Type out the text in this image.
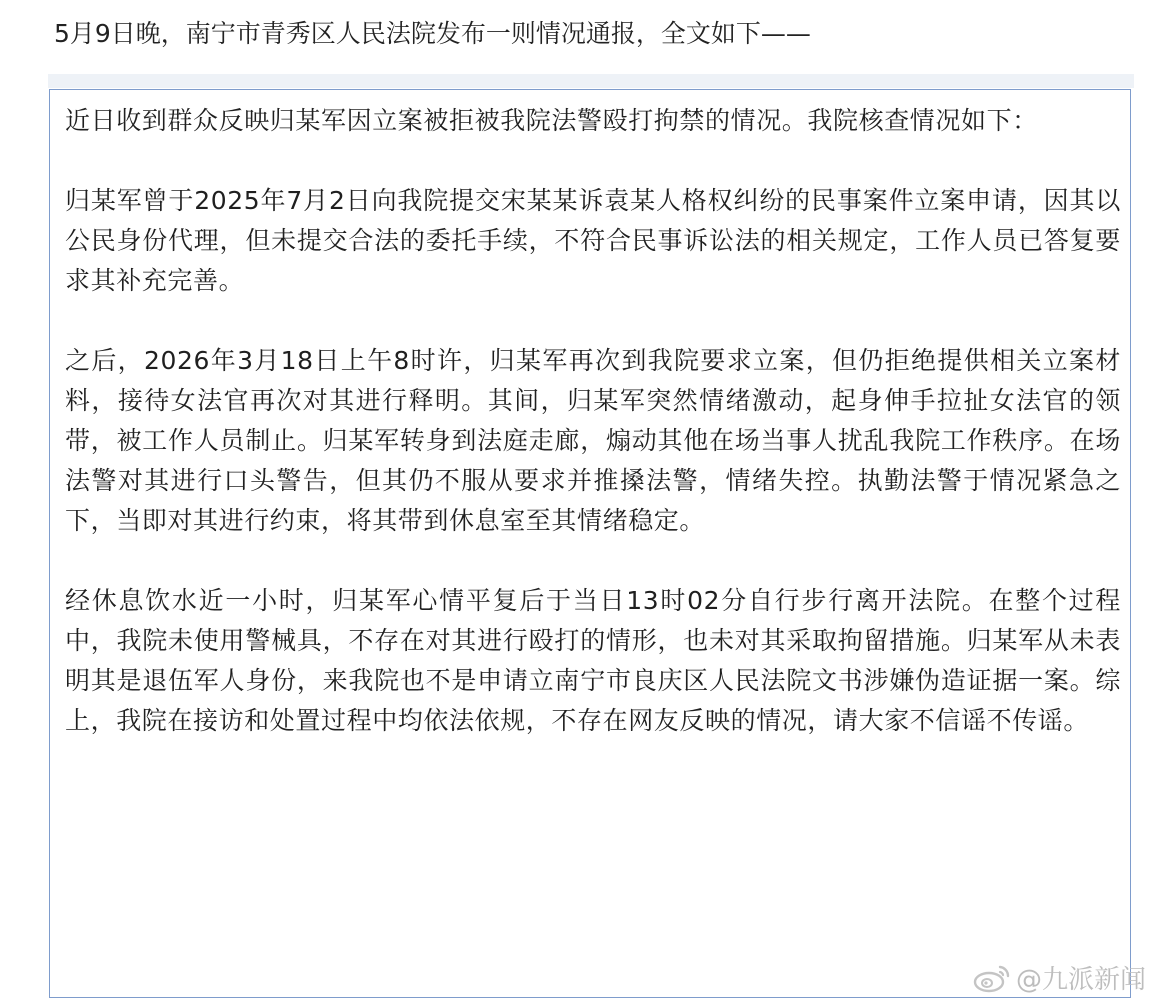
5月9日晚，南宁市青秀区人民法院发布一则情况通报，全文如下——

近日收到群众反映归某军因立案被拒被我院法警殴打拘禁的情况。我院核查情况如下：

归某军曾于2025年7月2日向我院提交宋某某诉袁某人格权纠纷的民事案件立案申请，因其以公民身份代理，但未提交合法的委托手续，不符合民事诉讼法的相关规定，工作人员已答复要求其补充完善。

之后，2026年3月18日上午8时许，归某军再次到我院要求立案，但仍拒绝提供相关立案材料，接待女法官再次对其进行释明。其间，归某军突然情绪激动，起身伸手拉扯女法官的领带，被工作人员制止。归某军转身到法庭走廊，煽动其他在场当事人扰乱我院工作秩序。在场法警对其进行口头警告，但其仍不服从要求并推搡法警，情绪失控。执勤法警于情况紧急之下，当即对其进行约束，将其带到休息室至其情绪稳定。

经休息饮水近一小时，归某军心情平复后于当日13时02分自行步行离开法院。在整个过程中，我院未使用警械具，不存在对其进行殴打的情形，也未对其采取拘留措施。归某军从未表明其是退伍军人身份，来我院也不是申请立南宁市良庆区人民法院文书涉嫌伪造证据一案。综上，我院在接访和处置过程中均依法依规，不存在网友反映的情况，请大家不信谣不传谣。

@九派新闻
